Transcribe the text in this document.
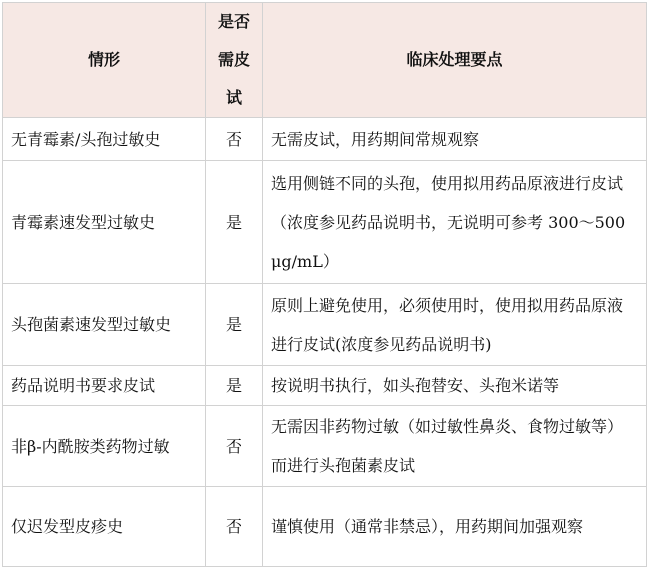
情形	是否需皮试	临床处理要点
无青霉素/头孢过敏史	否	无需皮试，用药期间常规观察
青霉素速发型过敏史	是	选用侧链不同的头孢，使用拟用药品原液进行皮试（浓度参见药品说明书，无说明可参考 300～500 μg/mL）
头孢菌素速发型过敏史	是	原则上避免使用，必须使用时，使用拟用药品原液进行皮试(浓度参见药品说明书)
药品说明书要求皮试	是	按说明书执行，如头孢替安、头孢米诺等
非β-内酰胺类药物过敏	否	无需因非药物过敏（如过敏性鼻炎、食物过敏等）而进行头孢菌素皮试
仅迟发型皮疹史	否	谨慎使用（通常非禁忌），用药期间加强观察
